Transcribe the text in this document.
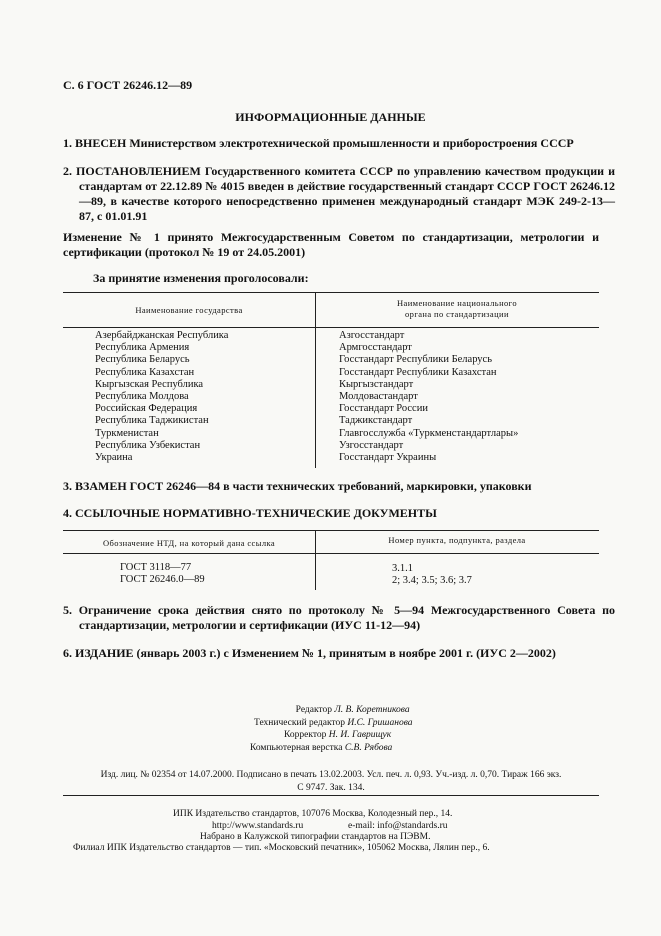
С. 6 ГОСТ 26246.12—89
ИНФОРМАЦИОННЫЕ ДАННЫЕ
1. ВНЕСЕН Министерством электротехнической промышленности и приборостроения СССР
2. ПОСТАНОВЛЕНИЕМ Государственного комитета СССР по управлению качеством продукции и стандартам от 22.12.89 № 4015 введен в действие государственный стандарт СССР ГОСТ 26246.12—89, в качестве которого непосредственно применен международный стандарт МЭК 249-2-13—87, с 01.01.91
Изменение № 1 принято Межгосударственным Советом по стандартизации, метрологии и сертификации (протокол № 19 от 24.05.2001)
За принятие изменения проголосовали:
Наименование государства
Наименование национального
органа по стандартизации
Азербайджанская Республика
Республика Армения
Республика Беларусь
Республика Казахстан
Кыргызская Республика
Республика Молдова
Российская Федерация
Республика Таджикистан
Туркменистан
Республика Узбекистан
Украина
Азгосстандарт
Армгосстандарт
Госстандарт Республики Беларусь
Госстандарт Республики Казахстан
Кыргызстандарт
Молдовастандарт
Госстандарт России
Таджикстандарт
Главгосслужба «Туркменстандартлары»
Узгосстандарт
Госстандарт Украины
3. ВЗАМЕН ГОСТ 26246—84 в части технических требований, маркировки, упаковки
4. ССЫЛОЧНЫЕ НОРМАТИВНО-ТЕХНИЧЕСКИЕ ДОКУМЕНТЫ
Обозначение НТД, на который дана ссылка	Номер пункта, подпункта, раздела
ГОСТ 3118—77
ГОСТ 26246.0—89
3.1.1
2; 3.4; 3.5; 3.6; 3.7
5. Ограничение срока действия снято по протоколу № 5—94 Межгосударственного Совета по стандартизации, метрологии и сертификации (ИУС 11-12—94)
6. ИЗДАНИЕ (январь 2003 г.) с Изменением № 1, принятым в ноябре 2001 г. (ИУС 2—2002)
Редактор Л. В. Коретникова
Технический редактор И.С. Гришанова
Корректор Н. И. Гаврищук
Компьютерная верстка С.В. Рябова
Изд. лиц. № 02354 от 14.07.2000. Подписано в печать 13.02.2003. Усл. печ. л. 0,93. Уч.-изд. л. 0,70. Тираж 166 экз.
С 9747. Зак. 134.
ИПК Издательство стандартов, 107076 Москва, Колодезный пер., 14.
http://www.standards.ru	e-mail: info@standards.ru
Набрано в Калужской типографии стандартов на ПЭВМ.
Филиал ИПК Издательство стандартов — тип. «Московский печатник», 105062 Москва, Лялин пер., 6.
